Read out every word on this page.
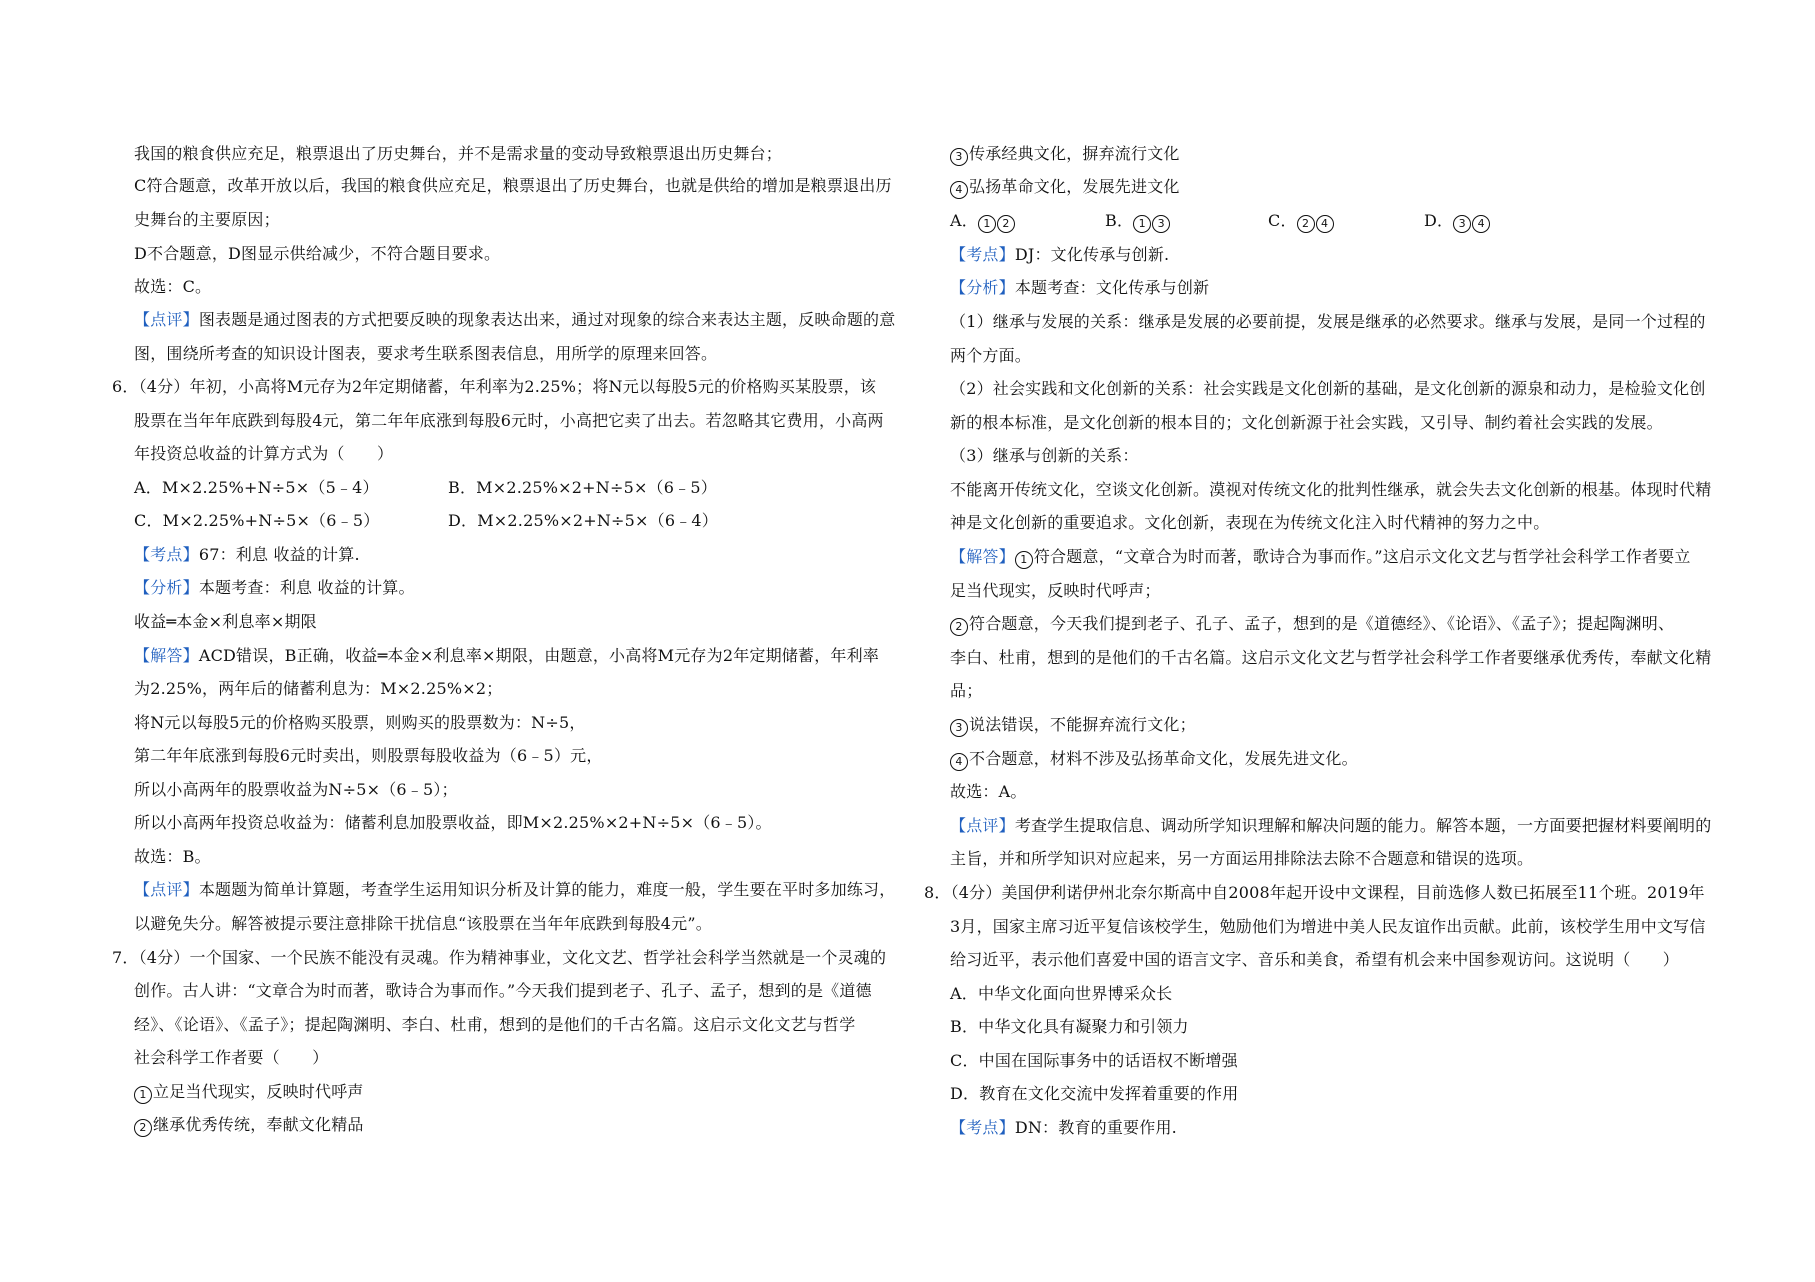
我国的粮食供应充足，粮票退出了历史舞台，并不是需求量的变动导致粮票退出历史舞台；
C符合题意，改革开放以后，我国的粮食供应充足，粮票退出了历史舞台，也就是供给的增加是粮票退出历
史舞台的主要原因；
D不合题意，D图显示供给减少，不符合题目要求。
故选：C。
【点评】图表题是通过图表的方式把要反映的现象表达出来，通过对现象的综合来表达主题，反映命题的意
图，围绕所考查的知识设计图表，要求考生联系图表信息，用所学的原理来回答。
6．（4分）年初，小高将M元存为2年定期储蓄，年利率为2.25%；将N元以每股5元的价格购买某股票，该
股票在当年年底跌到每股4元，第二年年底涨到每股6元时，小高把它卖了出去。若忽略其它费用，小高两
年投资总收益的计算方式为（　　）
A．M×2.25%+N÷5×（5﹣4）	B．M×2.25%×2+N÷5×（6﹣5）
C．M×2.25%+N÷5×（6﹣5）	D．M×2.25%×2+N÷5×（6﹣4）
【考点】67：利息 收益的计算.
【分析】本题考查：利息 收益的计算。
收益═本金×利息率×期限
【解答】ACD错误，B正确，收益═本金×利息率×期限，由题意，小高将M元存为2年定期储蓄，年利率
为2.25%，两年后的储蓄利息为：M×2.25%×2；
将N元以每股5元的价格购买股票，则购买的股票数为：N÷5，
第二年年底涨到每股6元时卖出，则股票每股收益为（6﹣5）元，
所以小高两年的股票收益为N÷5×（6﹣5）；
所以小高两年投资总收益为：储蓄利息加股票收益，即M×2.25%×2+N÷5×（6﹣5）。
故选：B。
【点评】本题题为简单计算题，考查学生运用知识分析及计算的能力，难度一般，学生要在平时多加练习，
以避免失分。解答被提示要注意排除干扰信息“该股票在当年年底跌到每股4元”。
7．（4分）一个国家、一个民族不能没有灵魂。作为精神事业，文化文艺、哲学社会科学当然就是一个灵魂的
创作。古人讲：“文章合为时而著，歌诗合为事而作。”今天我们提到老子、孔子、孟子，想到的是《道德
经》、《论语》、《孟子》；提起陶渊明、李白、杜甫，想到的是他们的千古名篇。这启示文化文艺与哲学
社会科学工作者要（　　）
1 立足当代现实，反映时代呼声
2 继承优秀传统，奉献文化精品
3 传承经典文化，摒弃流行文化
4 弘扬革命文化，发展先进文化
A． 1 2	B． 1 3	C． 2 4	D． 3 4
【考点】DJ：文化传承与创新.
【分析】本题考查：文化传承与创新
（1）继承与发展的关系：继承是发展的必要前提，发展是继承的必然要求。继承与发展，是同一个过程的
两个方面。
（2）社会实践和文化创新的关系：社会实践是文化创新的基础，是文化创新的源泉和动力，是检验文化创
新的根本标准，是文化创新的根本目的；文化创新源于社会实践，又引导、制约着社会实践的发展。
（3）继承与创新的关系：
不能离开传统文化，空谈文化创新。漠视对传统文化的批判性继承，就会失去文化创新的根基。体现时代精
神是文化创新的重要追求。文化创新，表现在为传统文化注入时代精神的努力之中。
【解答】 1 符合题意，“文章合为时而著，歌诗合为事而作。”这启示文化文艺与哲学社会科学工作者要立
足当代现实，反映时代呼声；
2 符合题意，今天我们提到老子、孔子、孟子，想到的是《道德经》、《论语》、《孟子》；提起陶渊明、
李白、杜甫，想到的是他们的千古名篇。这启示文化文艺与哲学社会科学工作者要继承优秀传，奉献文化精
品；
3 说法错误，不能摒弃流行文化；
4 不合题意，材料不涉及弘扬革命文化，发展先进文化。
故选：A。
【点评】考查学生提取信息、调动所学知识理解和解决问题的能力。解答本题，一方面要把握材料要阐明的
主旨，并和所学知识对应起来，另一方面运用排除法去除不合题意和错误的选项。
8．（4分）美国伊利诺伊州北奈尔斯高中自2008年起开设中文课程，目前选修人数已拓展至11个班。2019年
3月，国家主席习近平复信该校学生，勉励他们为增进中美人民友谊作出贡献。此前，该校学生用中文写信
给习近平，表示他们喜爱中国的语言文字、音乐和美食，希望有机会来中国参观访问。这说明（　　）
A．中华文化面向世界博采众长
B．中华文化具有凝聚力和引领力
C．中国在国际事务中的话语权不断增强
D．教育在文化交流中发挥着重要的作用
【考点】DN：教育的重要作用.
